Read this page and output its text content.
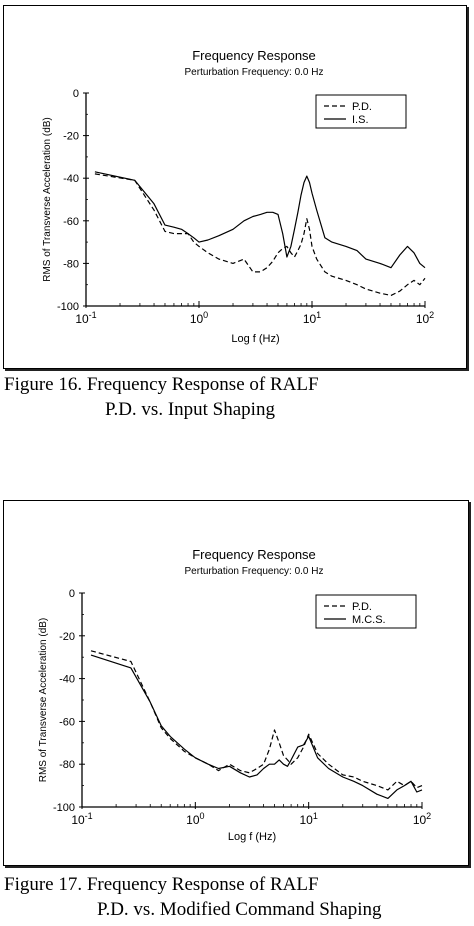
0
-20
-40
-60
-80
-100
$10^{-1}$	$10^0$	$10^1$	$10^2$
Frequency Response
Perturbation Frequency: 0.0 Hz
Log f (Hz)
RMS of Transverse Acceleration (dB)
P.D.
I.S.
Figure 16. Frequency Response of RALF
P.D. vs. Input Shaping
0
-20
-40
-60
-80
-100
$10^{-1}$	$10^0$	$10^1$	$10^2$
Frequency Response
Perturbation Frequency: 0.0 Hz
Log f (Hz)
RMS of Transverse Acceleration (dB)
P.D.
M.C.S.
Figure 17. Frequency Response of RALF
P.D. vs. Modified Command Shaping
